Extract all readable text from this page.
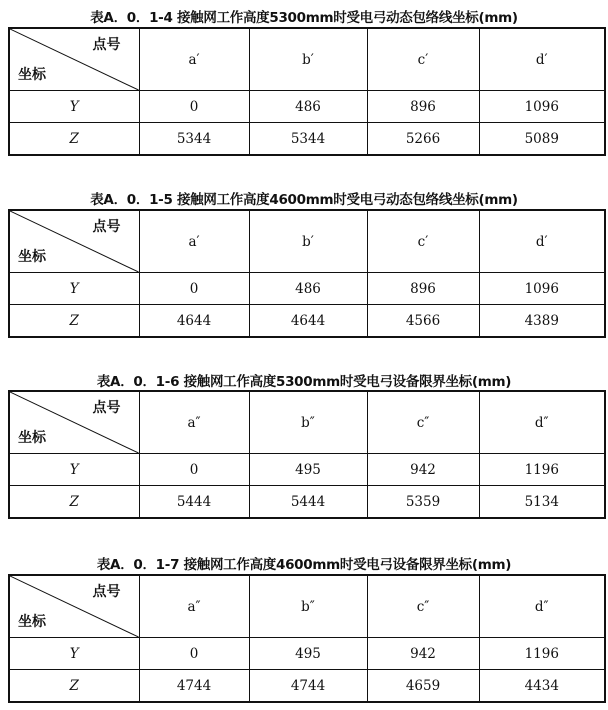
表A．0．1-4 接触网工作高度5300mm时受电弓动态包络线坐标(mm)
点号
坐标	a′	b′	c′	d′
Y	0	486	896	1096
Z	5344	5344	5266	5089
表A．0．1-5 接触网工作高度4600mm时受电弓动态包络线坐标(mm)
点号
坐标	a′	b′	c′	d′
Y	0	486	896	1096
Z	4644	4644	4566	4389
表A．0．1-6 接触网工作高度5300mm时受电弓设备限界坐标(mm)
点号
坐标	a″	b″	c″	d″
Y	0	495	942	1196
Z	5444	5444	5359	5134
表A．0．1-7 接触网工作高度4600mm时受电弓设备限界坐标(mm)
点号
坐标	a″	b″	c″	d″
Y	0	495	942	1196
Z	4744	4744	4659	4434
